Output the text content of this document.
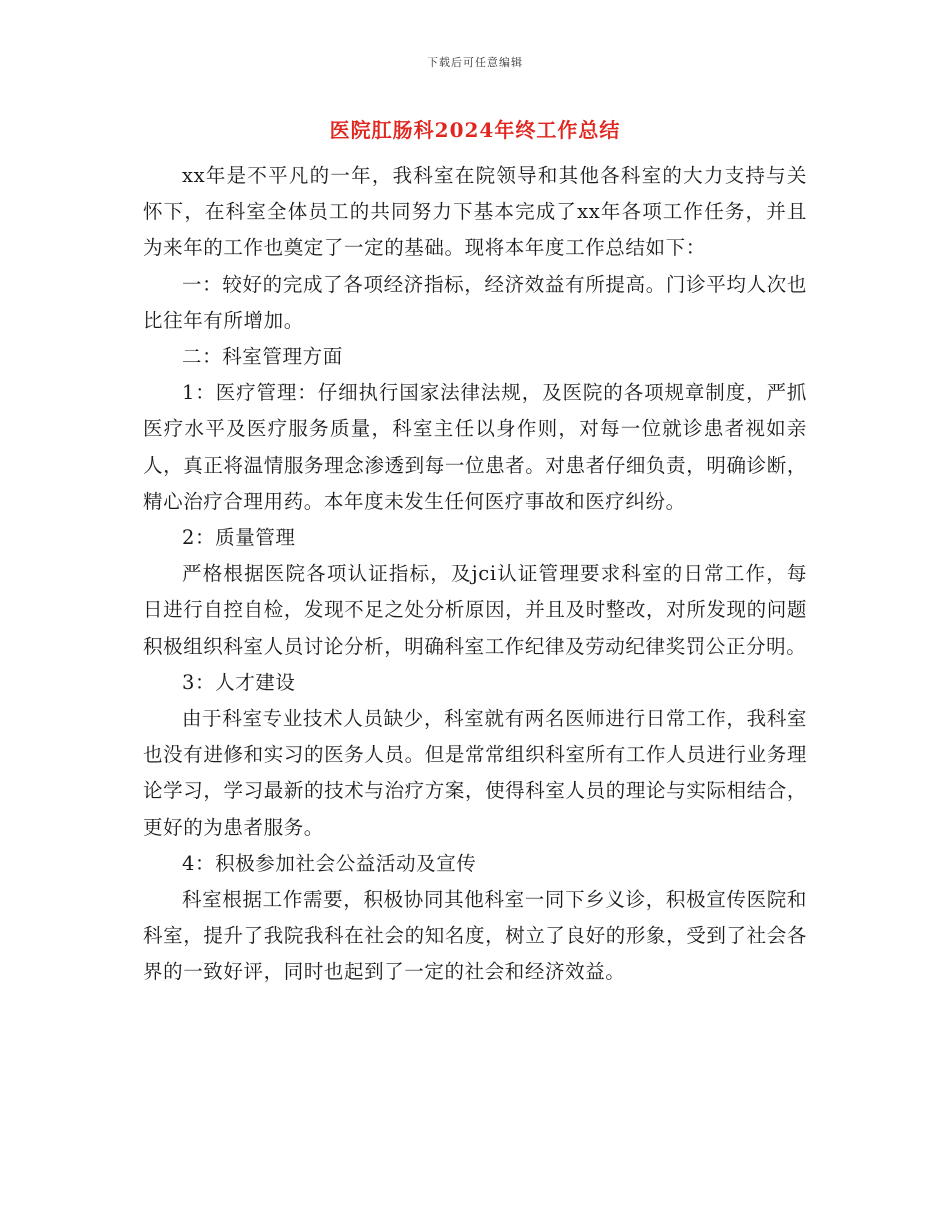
下载后可任意编辑
医院肛肠科2024年终工作总结

xx年是不平凡的一年，我科室在院领导和其他各科室的大力支持与关怀下，在科室全体员工的共同努力下基本完成了xx年各项工作任务，并且为来年的工作也奠定了一定的基础。现将本年度工作总结如下：

一：较好的完成了各项经济指标，经济效益有所提高。门诊平均人次也比往年有所增加。

二：科室管理方面

1：医疗管理：仔细执行国家法律法规，及医院的各项规章制度，严抓医疗水平及医疗服务质量，科室主任以身作则，对每一位就诊患者视如亲人，真正将温情服务理念渗透到每一位患者。对患者仔细负责，明确诊断，精心治疗合理用药。本年度未发生任何医疗事故和医疗纠纷。

2：质量管理

严格根据医院各项认证指标，及jci认证管理要求科室的日常工作，每日进行自控自检，发现不足之处分析原因，并且及时整改，对所发现的问题积极组织科室人员讨论分析，明确科室工作纪律及劳动纪律奖罚公正分明。

3：人才建设

由于科室专业技术人员缺少，科室就有两名医师进行日常工作，我科室也没有进修和实习的医务人员。但是常常组织科室所有工作人员进行业务理论学习，学习最新的技术与治疗方案，使得科室人员的理论与实际相结合，更好的为患者服务。

4：积极参加社会公益活动及宣传

科室根据工作需要，积极协同其他科室一同下乡义诊，积极宣传医院和科室，提升了我院我科在社会的知名度，树立了良好的形象，受到了社会各界的一致好评，同时也起到了一定的社会和经济效益。
